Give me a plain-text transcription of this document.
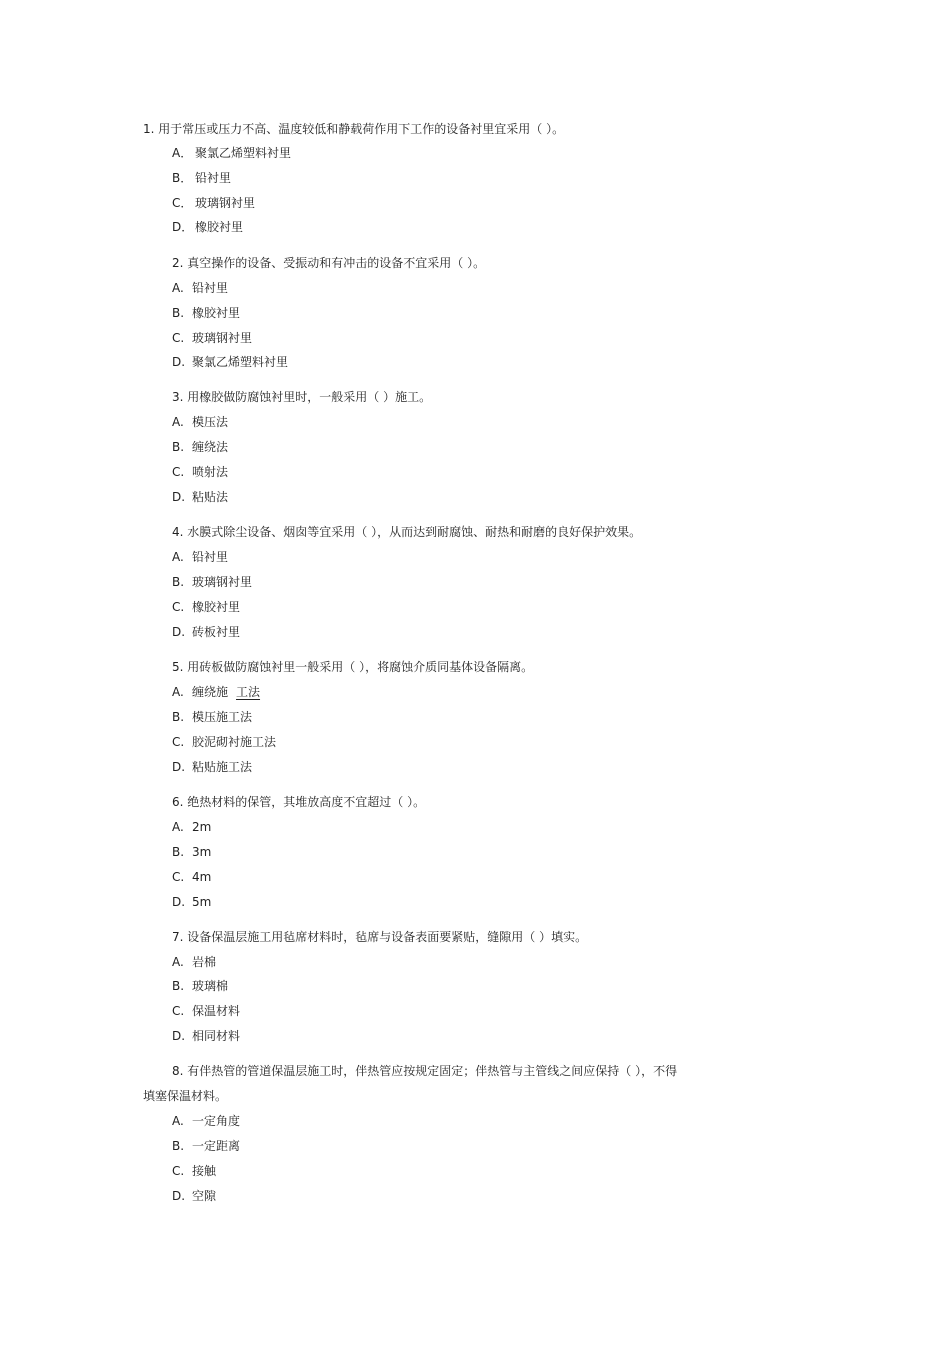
1. 用于常压或压力不高、温度较低和静载荷作用下工作的设备衬里宜采用（ ）。
A． 聚氯乙烯塑料衬里
B． 铅衬里
C． 玻璃钢衬里
D． 橡胶衬里
2. 真空操作的设备、受振动和有冲击的设备不宜采用（ ）。
A. 铅衬里
B. 橡胶衬里
C. 玻璃钢衬里
D. 聚氯乙烯塑料衬里
3. 用橡胶做防腐蚀衬里时，一般采用（ ）施工。
A. 模压法
B. 缠绕法
C. 喷射法
D. 粘贴法
4. 水膜式除尘设备、烟囱等宜采用（ ），从而达到耐腐蚀、耐热和耐磨的良好保护效果。
A. 铅衬里
B. 玻璃钢衬里
C. 橡胶衬里
D. 砖板衬里
5. 用砖板做防腐蚀衬里一般采用（ ），将腐蚀介质同基体设备隔离。
A. 缠绕施 工法
B. 模压施工法
C. 胶泥砌衬施工法
D. 粘贴施工法
6. 绝热材料的保管，其堆放高度不宜超过（ ）。
A. 2m
B. 3m
C. 4m
D. 5m
7. 设备保温层施工用毡席材料时，毡席与设备表面要紧贴，缝隙用（ ）填实。
A. 岩棉
B. 玻璃棉
C. 保温材料
D. 相同材料
8. 有伴热管的管道保温层施工时，伴热管应按规定固定；伴热管与主管线之间应保持（ ），不得
填塞保温材料。
A. 一定角度
B. 一定距离
C. 接触
D. 空隙
